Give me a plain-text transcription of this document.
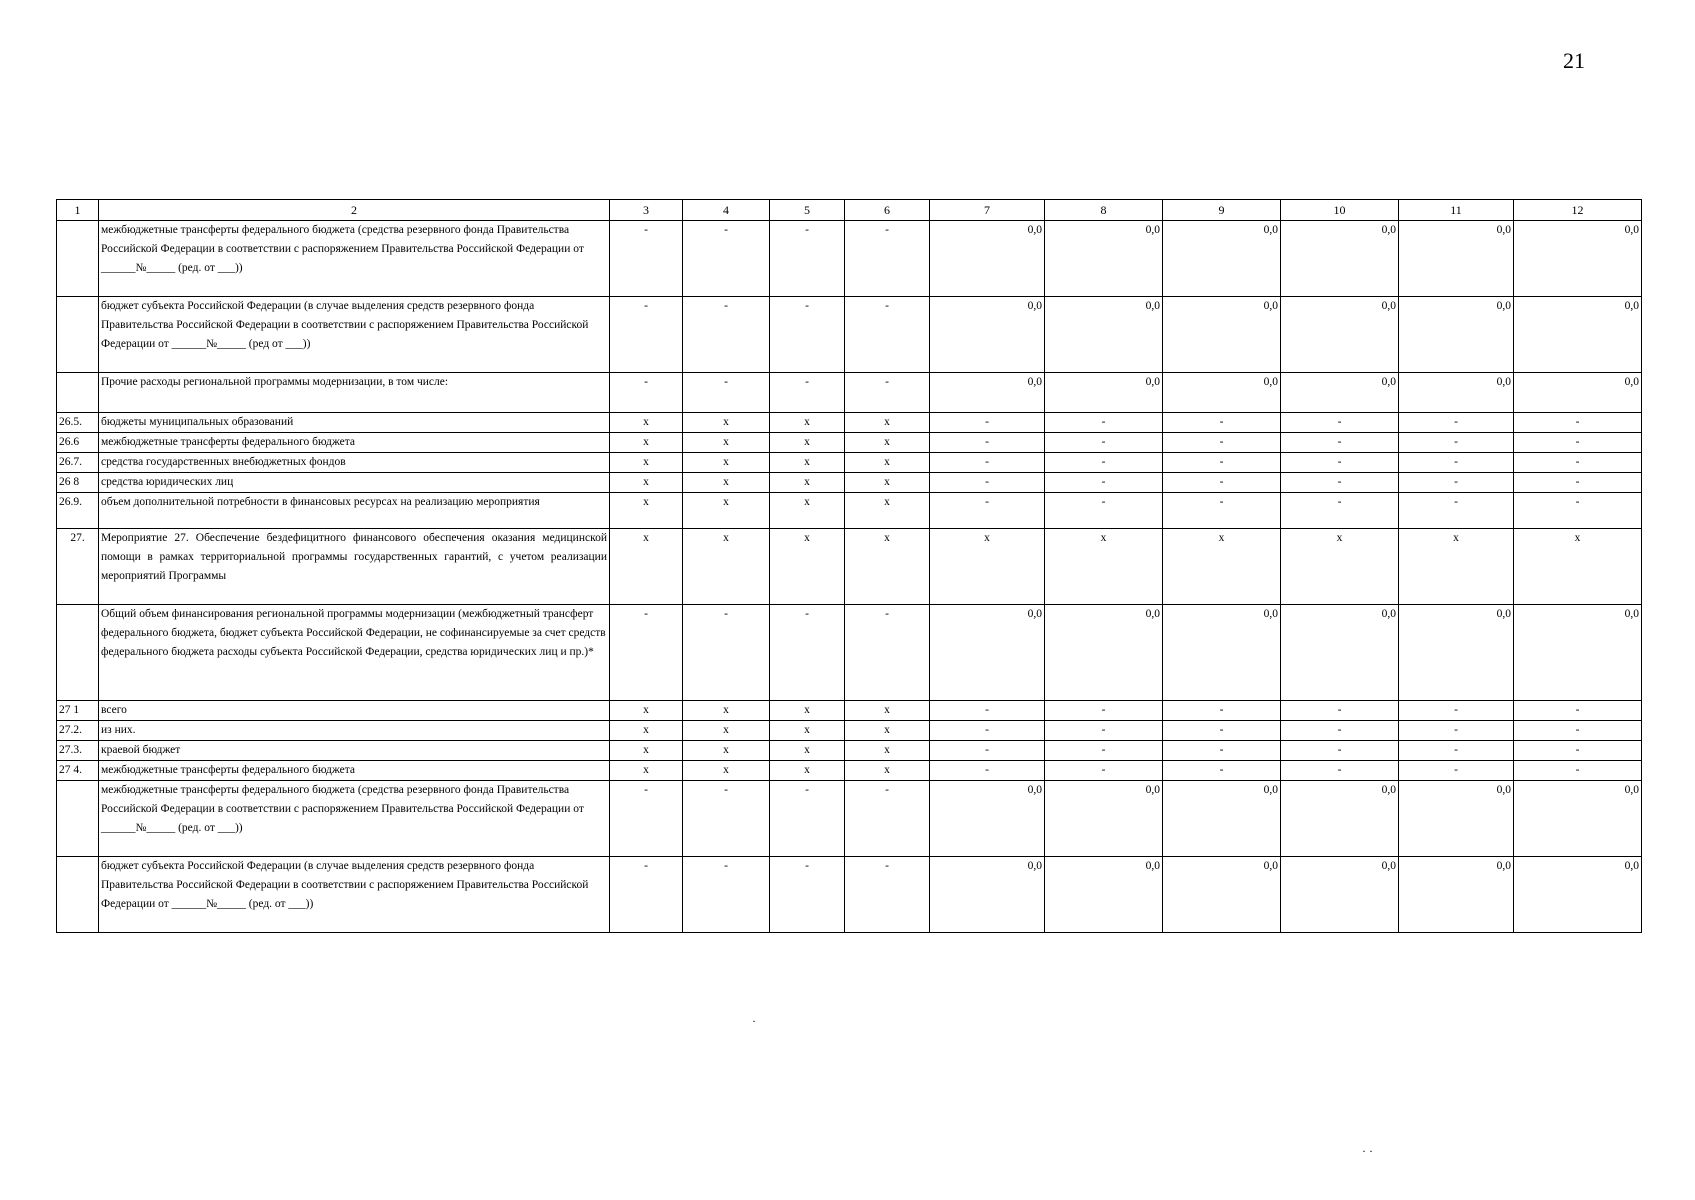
21
1	2	3	4	5	6	7	8	9	10	11	12
	межбюджетные трансферты федерального бюджета (средства резервного фонда Правительства Российской Федерации в соответствии с распоряжением Правительства Российской Федерации от ______№_____ (ред. от ___))	-	-	-	-	0,0	0,0	0,0	0,0	0,0	0,0
	бюджет субъекта Российской Федерации (в случае выделения средств резервного фонда Правительства Российской Федерации в соответствии с распоряжением Правительства Российской Федерации от ______№_____ (ред от ___))	-	-	-	-	0,0	0,0	0,0	0,0	0,0	0,0
	Прочие расходы региональной программы модернизации, в том числе:	-	-	-	-	0,0	0,0	0,0	0,0	0,0	0,0
26.5.	бюджеты муниципальных образований	x	x	x	x	-	-	-	-	-	-
26.6	межбюджетные трансферты федерального бюджета	x	x	x	x	-	-	-	-	-	-
26.7.	средства государственных внебюджетных фондов	x	x	x	x	-	-	-	-	-	-
26 8	средства юридических лиц	x	x	x	x	-	-	-	-	-	-
26.9.	объем дополнительной потребности в финансовых ресурсах на реализацию мероприятия	x	x	x	x	-	-	-	-	-	-
27.	Мероприятие 27. Обеспечение бездефицитного финансового обеспечения оказания медицинской помощи в рамках территориальной программы государственных гарантий, с учетом реализации мероприятий Программы	x	x	x	x	x	x	x	x	x	x
	Общий объем финансирования региональной программы модернизации (межбюджетный трансферт федерального бюджета, бюджет субъекта Российской Федерации, не софинансируемые за счет средств федерального бюджета расходы субъекта Российской Федерации, средства юридических лиц и пр.)*	-	-	-	-	0,0	0,0	0,0	0,0	0,0	0,0
27 1	всего	x	x	x	x	-	-	-	-	-	-
27.2.	из них.	x	x	x	x	-	-	-	-	-	-
27.3.	краевой бюджет	x	x	x	x	-	-	-	-	-	-
27 4.	межбюджетные трансферты федерального бюджета	x	x	x	x	-	-	-	-	-	-
	межбюджетные трансферты федерального бюджета (средства резервного фонда Правительства Российской Федерации в соответствии с распоряжением Правительства Российской Федерации от ______№_____ (ред. от ___))	-	-	-	-	0,0	0,0	0,0	0,0	0,0	0,0
	бюджет субъекта Российской Федерации (в случае выделения средств резервного фонда Правительства Российской Федерации в соответствии с распоряжением Правительства Российской Федерации от ______№_____ (ред. от ___))	-	-	-	-	0,0	0,0	0,0	0,0	0,0	0,0
·
· ·
